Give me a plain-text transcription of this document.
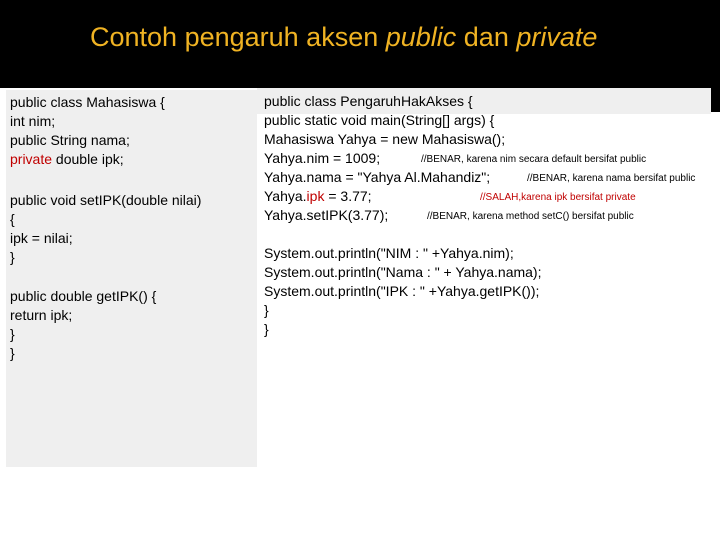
Contoh pengaruh aksen public dan private
public class Mahasiswa {
int nim;
public String nama;
private double ipk;
public void setIPK(double nilai)
{
ipk = nilai;
}
public double getIPK() {
return ipk;
}
}
public class PengaruhHakAkses {
public static void main(String[] args) {
Mahasiswa Yahya = new Mahasiswa();
Yahya.nim = 1009;	//BENAR, karena nim secara default bersifat public
Yahya.nama = "Yahya Al.Mahandiz";	//BENAR, karena nama bersifat public
Yahya.ipk = 3.77;	//SALAH,karena ipk bersifat private
Yahya.setIPK(3.77);	//BENAR, karena method setC() bersifat public
System.out.println("NIM : " +Yahya.nim);
System.out.println("Nama : " + Yahya.nama);
System.out.println("IPK : " +Yahya.getIPK());
}
}
